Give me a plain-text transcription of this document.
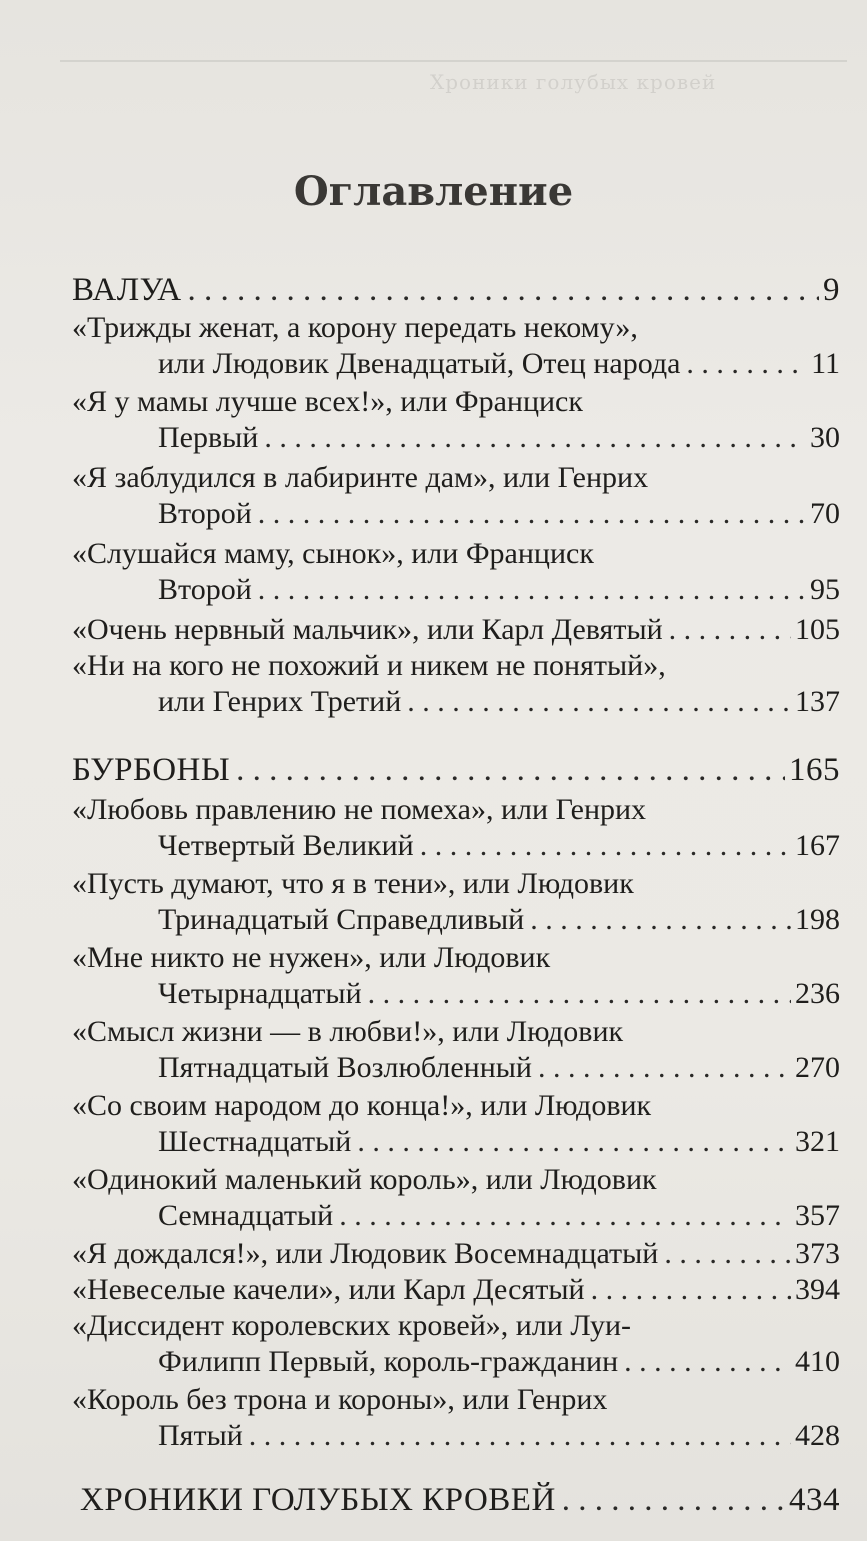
Хроники голубых кровей
Оглавление
ВАЛУА . . .	9
«Трижды женат, а корону передать некому»,
или Людовик Двенадцатый, Отец народа . . .	11
«Я у мамы лучше всех!», или Франциск
Первый . . .	30
«Я заблудился в лабиринте дам», или Генрих
Второй . . .	70
«Слушайся маму, сынок», или Франциск
Второй . . .	95
«Очень нервный мальчик», или Карл Девятый . . .	105
«Ни на кого не похожий и никем не понятый»,
или Генрих Третий . . .	137
БУРБОНЫ . . .	165
«Любовь правлению не помеха», или Генрих
Четвертый Великий . . .	167
«Пусть думают, что я в тени», или Людовик
Тринадцатый Справедливый . . .	198
«Мне никто не нужен», или Людовик
Четырнадцатый . . .	236
«Смысл жизни — в любви!», или Людовик
Пятнадцатый Возлюбленный . . .	270
«Со своим народом до конца!», или Людовик
Шестнадцатый . . .	321
«Одинокий маленький король», или Людовик
Семнадцатый . . .	357
«Я дождался!», или Людовик Восемнадцатый . . .	373
«Невеселые качели», или Карл Десятый . . .	394
«Диссидент королевских кровей», или Луи-
Филипп Первый, король-гражданин . . .	410
«Король без трона и короны», или Генрих
Пятый . . .	428
ХРОНИКИ ГОЛУБЫХ КРОВЕЙ . . .	434
